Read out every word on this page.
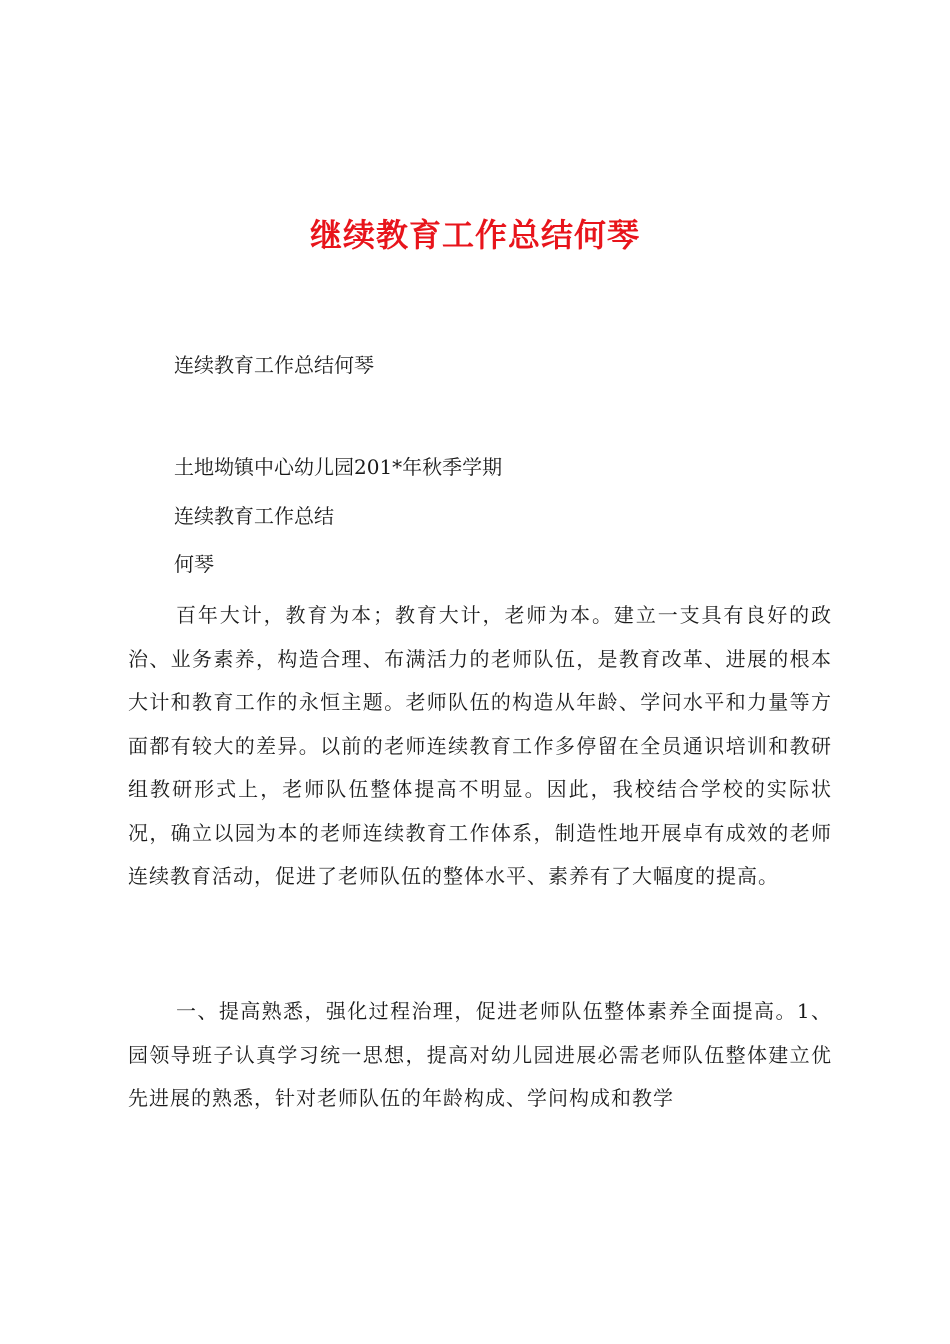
继续教育工作总结何琴
连续教育工作总结何琴
土地坳镇中心幼儿园201*年秋季学期
连续教育工作总结
何琴

百年大计，教育为本；教育大计，老师为本。建立一支具有良好的政治、业务素养，构造合理、布满活力的老师队伍，是教育改革、进展的根本大计和教育工作的永恒主题。老师队伍的构造从年龄、学问水平和力量等方面都有较大的差异。以前的老师连续教育工作多停留在全员通识培训和教研组教研形式上，老师队伍整体提高不明显。因此，我校结合学校的实际状况，确立以园为本的老师连续教育工作体系，制造性地开展卓有成效的老师连续教育活动，促进了老师队伍的整体水平、素养有了大幅度的提高。

一、提高熟悉，强化过程治理，促进老师队伍整体素养全面提高。1、园领导班子认真学习统一思想，提高对幼儿园进展必需老师队伍整体建立优先进展的熟悉，针对老师队伍的年龄构成、学问构成和教学
